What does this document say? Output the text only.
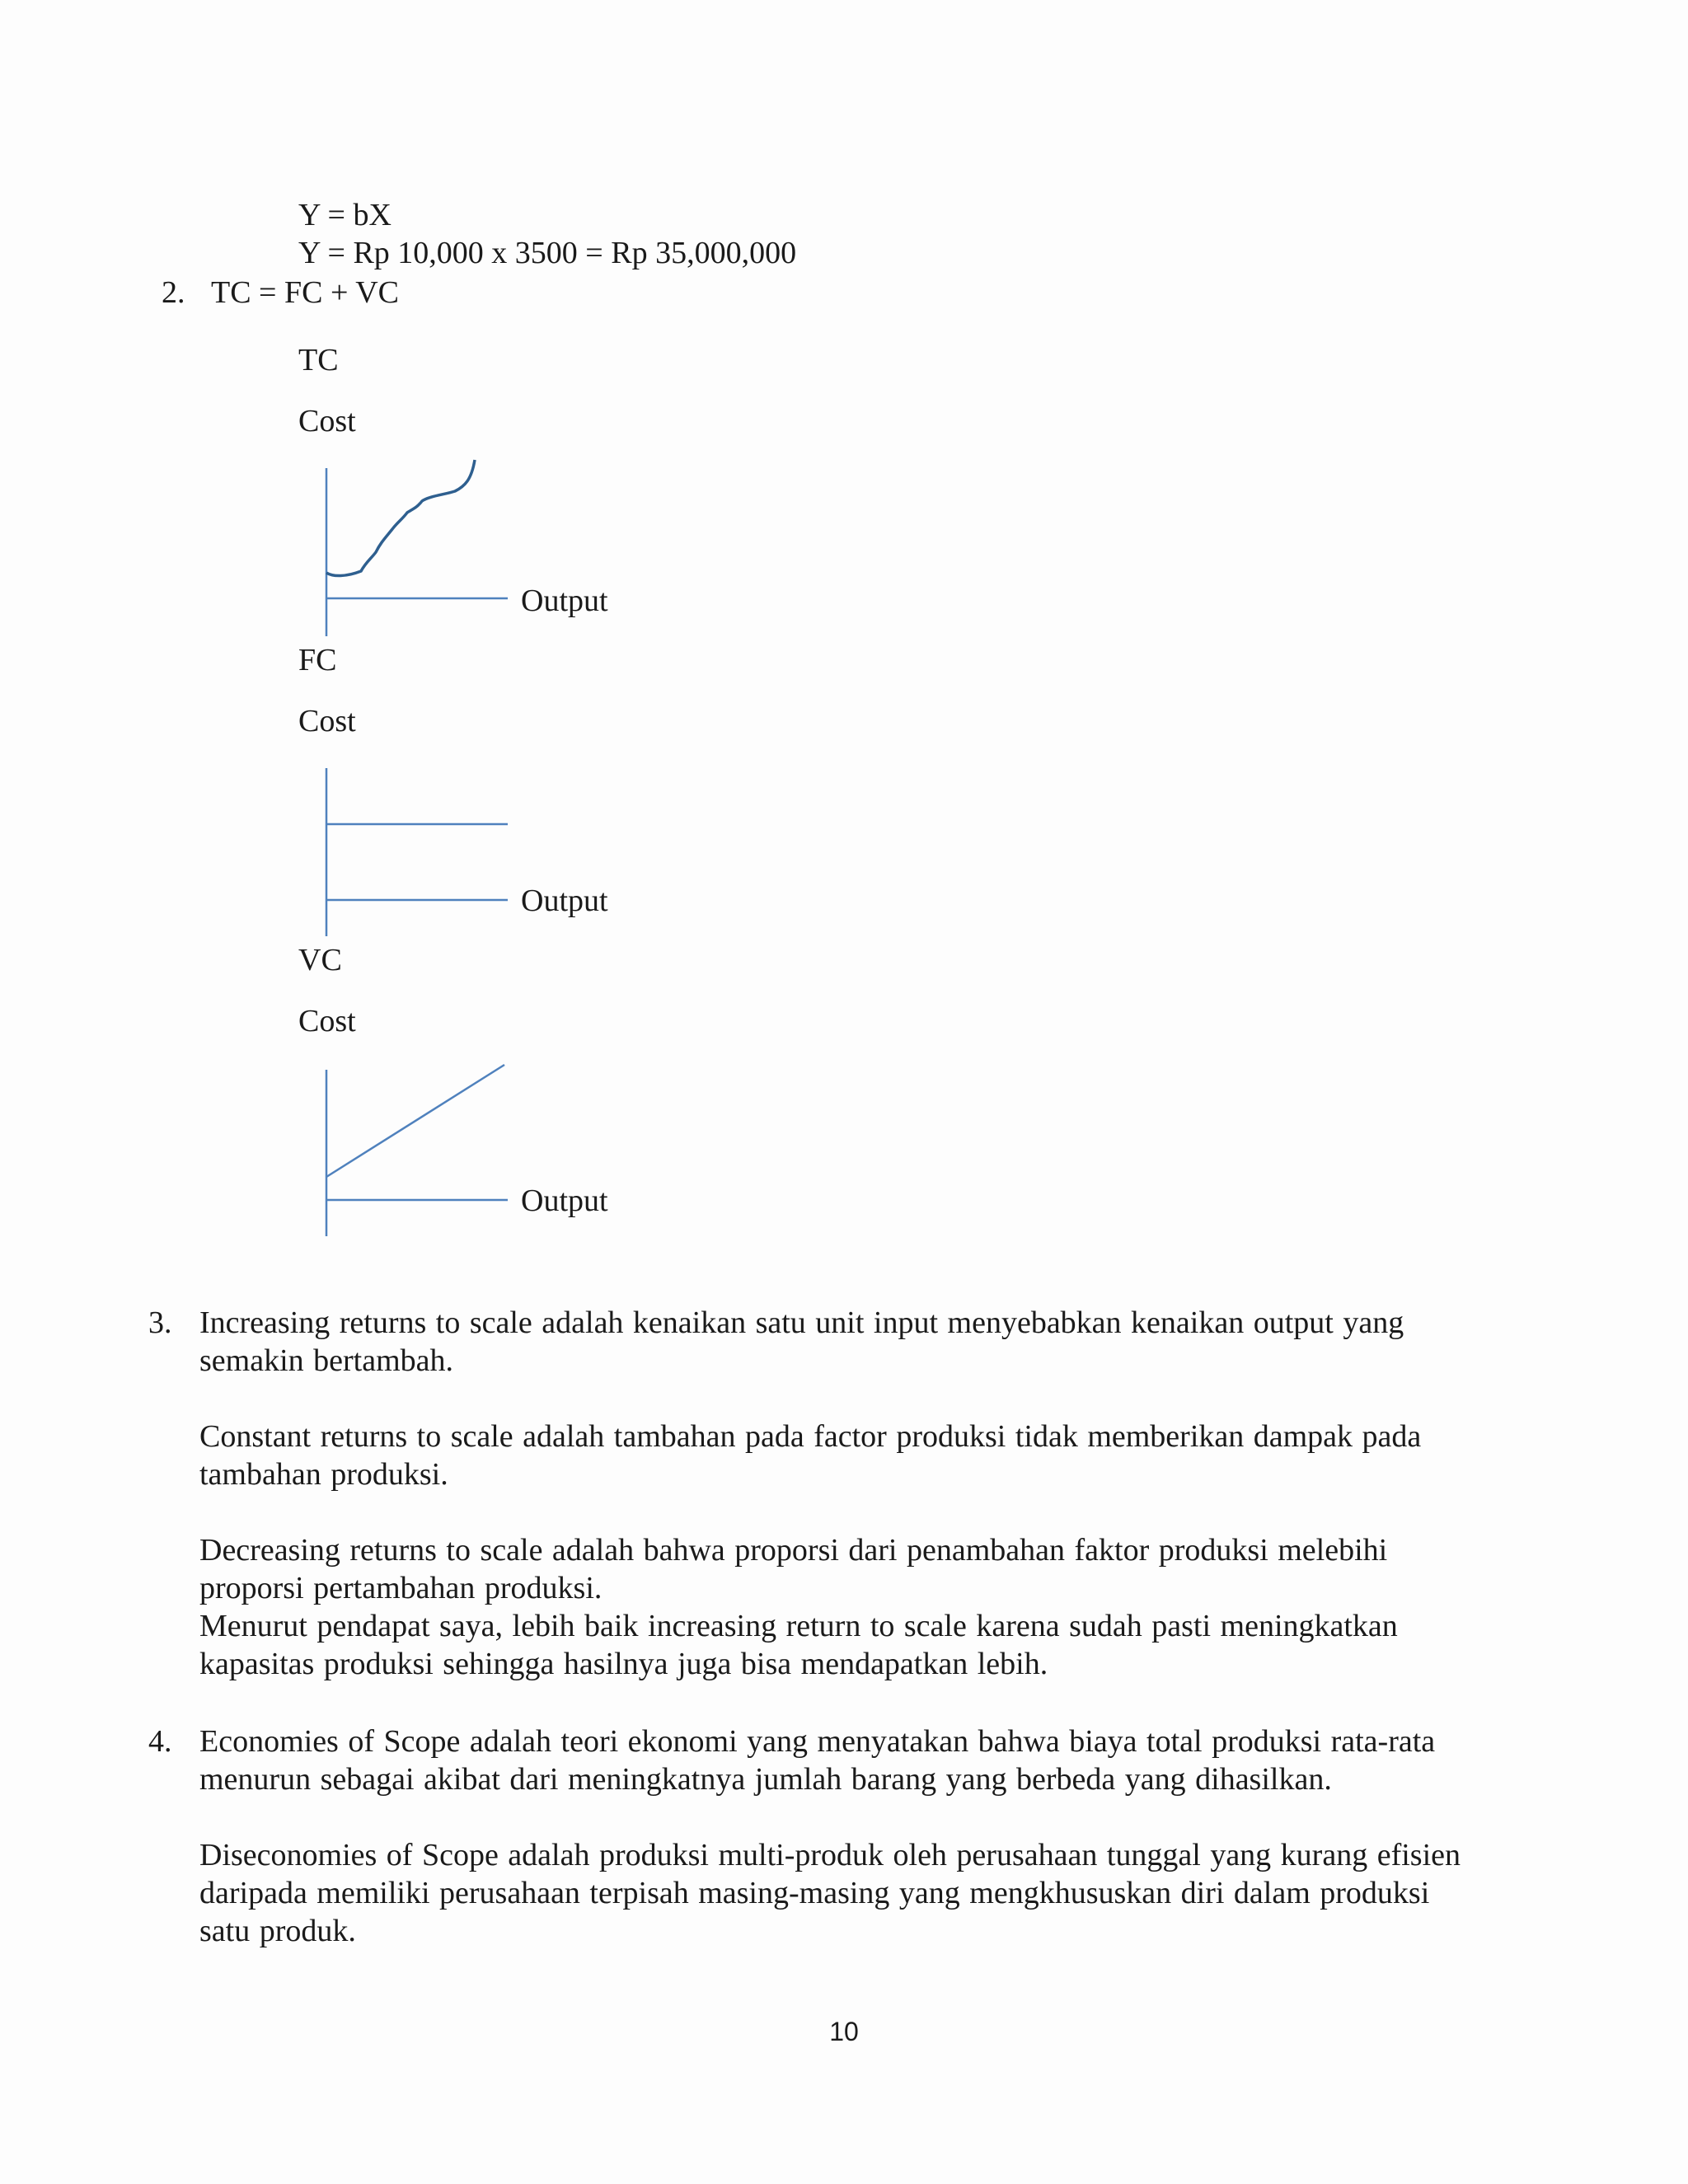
Y = bX
Y = Rp 10,000 x 3500 = Rp 35,000,000
2. TC = FC + VC
TC
Cost
Output
FC
Cost
Output
VC
Cost
Output
3. Increasing returns to scale adalah kenaikan satu unit input menyebabkan kenaikan output yang semakin bertambah.
Constant returns to scale adalah tambahan pada factor produksi tidak memberikan dampak pada tambahan produksi.
Decreasing returns to scale adalah bahwa proporsi dari penambahan faktor produksi melebihi proporsi pertambahan produksi.
Menurut pendapat saya, lebih baik increasing return to scale karena sudah pasti meningkatkan kapasitas produksi sehingga hasilnya juga bisa mendapatkan lebih.
4. Economies of Scope adalah teori ekonomi yang menyatakan bahwa biaya total produksi rata-rata menurun sebagai akibat dari meningkatnya jumlah barang yang berbeda yang dihasilkan.
Diseconomies of Scope adalah produksi multi-produk oleh perusahaan tunggal yang kurang efisien daripada memiliki perusahaan terpisah masing-masing yang mengkhususkan diri dalam produksi satu produk.
10
